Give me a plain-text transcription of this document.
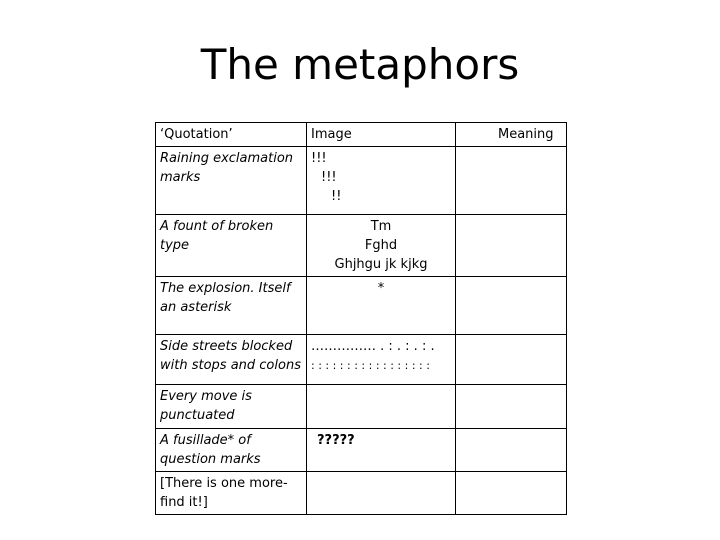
The metaphors
‘Quotation’	Image	Meaning
Raining exclamation marks	!!!
!!!
!!	

A fount of broken type	Tm
Fghd
Ghjhgu jk kjkg	

The explosion. Itself an asterisk	*	

Side streets blocked with stops and colons	…………… . : . : . : .
: : : : : : : : : : : : : : : : :	

Every move is punctuated		
A fusillade* of question marks	?????	

[There is one more- find it!]		
